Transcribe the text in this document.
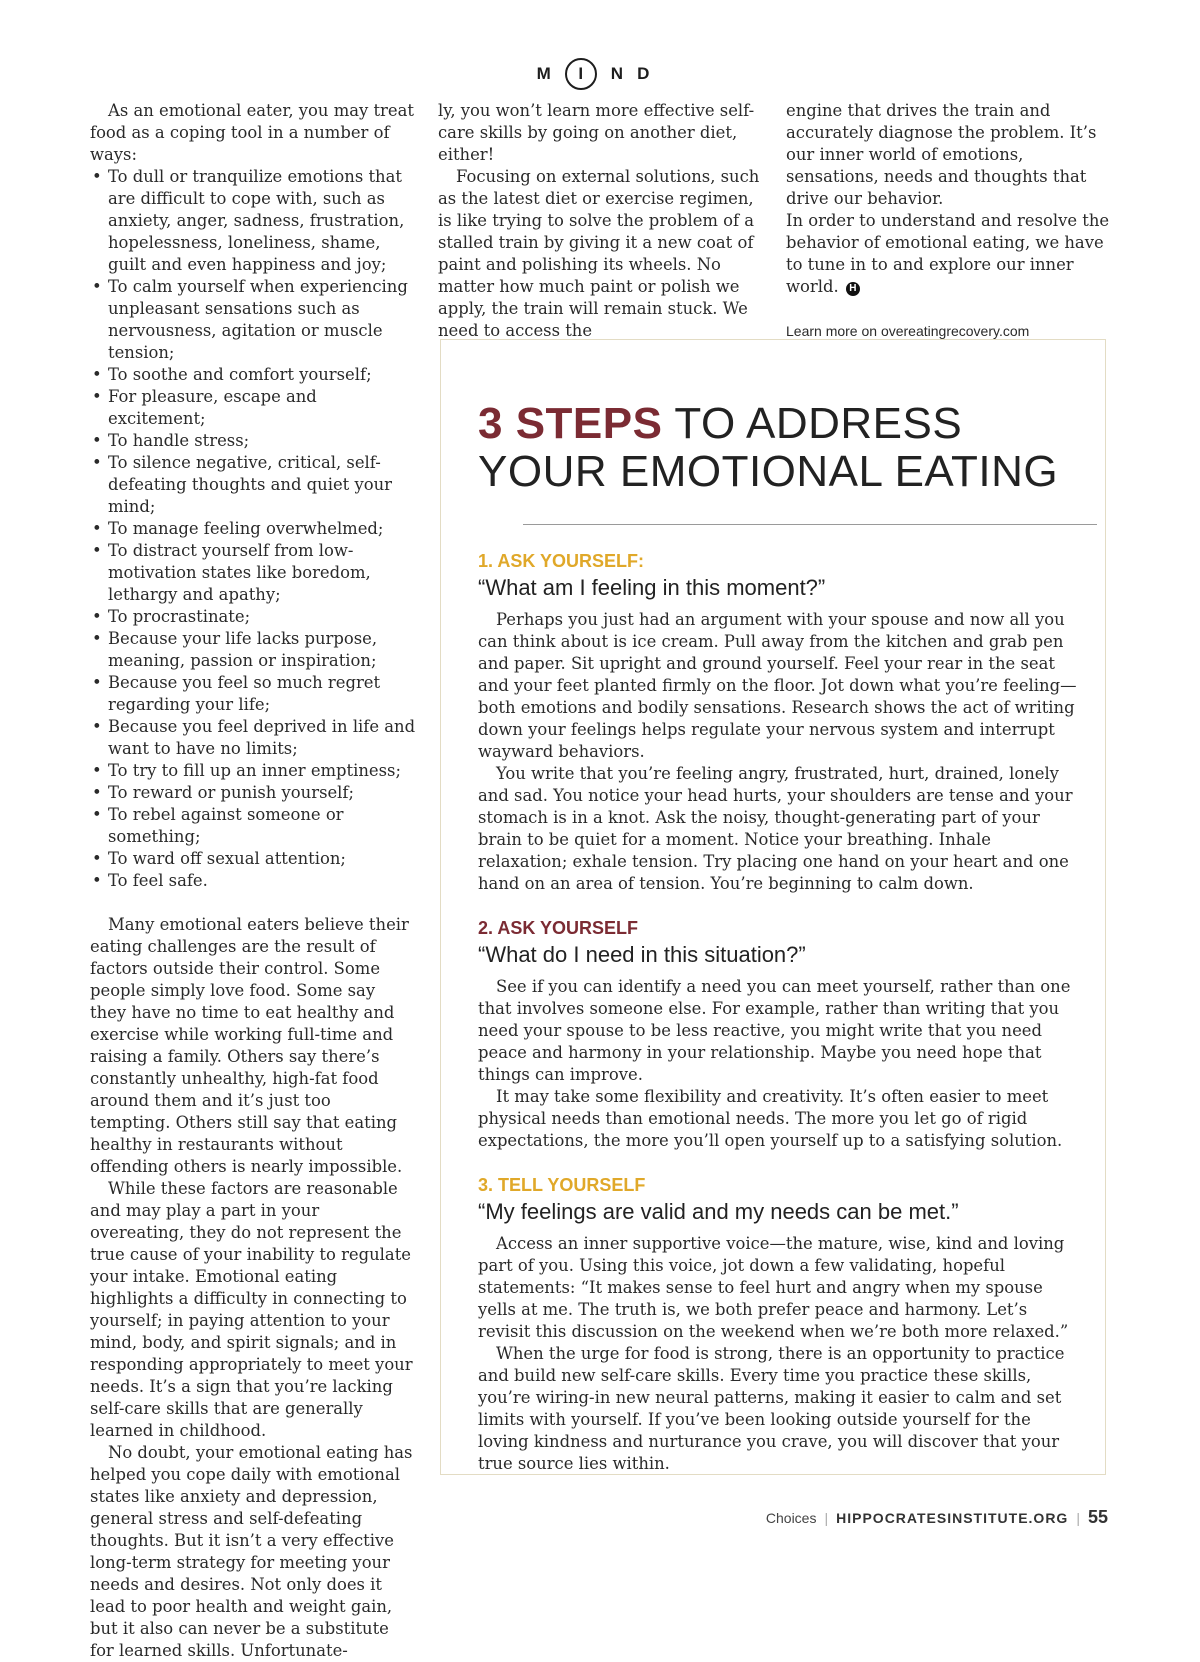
M I ND

As an emotional eater, you may treat food as a coping tool in a number of ways:

• To dull or tranquilize emotions that are difficult to cope with, such as anxiety, anger, sadness, frustration, hopelessness, loneliness, shame, guilt and even happiness and joy;
• To calm yourself when experiencing unpleasant sensations such as nervousness, agitation or muscle tension;
• To soothe and comfort yourself;
• For pleasure, escape and excitement;
• To handle stress;
• To silence negative, critical, self-defeating thoughts and quiet your mind;
• To manage feeling overwhelmed;
• To distract yourself from low-motivation states like boredom, lethargy and apathy;
• To procrastinate;
• Because your life lacks purpose, meaning, passion or inspiration;
• Because you feel so much regret regarding your life;
• Because you feel deprived in life and want to have no limits;
• To try to fill up an inner emptiness;
• To reward or punish yourself;
• To rebel against someone or something;
• To ward off sexual attention;
• To feel safe.

Many emotional eaters believe their eating challenges are the result of factors outside their control. Some people simply love food. Some say they have no time to eat healthy and exercise while working full-time and raising a family. Others say there’s constantly unhealthy, high-fat food around them and it’s just too tempting. Others still say that eating healthy in restaurants without offending others is nearly impossible.

While these factors are reasonable and may play a part in your overeating, they do not represent the true cause of your inability to regulate your intake. Emotional eating highlights a difficulty in connecting to yourself; in paying attention to your mind, body, and spirit signals; and in responding appropriately to meet your needs. It’s a sign that you’re lacking self-care skills that are generally learned in childhood.

No doubt, your emotional eating has helped you cope daily with emotional states like anxiety and depression, general stress and self-defeating thoughts. But it isn’t a very effective long-term strategy for meeting your needs and desires. Not only does it lead to poor health and weight gain, but it also can never be a substitute for learned skills. Unfortunate-

ly, you won’t learn more effective self-care skills by going on another diet, either!

Focusing on external solutions, such as the latest diet or exercise regimen, is like trying to solve the problem of a stalled train by giving it a new coat of paint and polishing its wheels. No matter how much paint or polish we apply, the train will remain stuck. We need to access the

engine that drives the train and accurately diagnose the problem. It’s our inner world of emotions, sensations, needs and thoughts that drive our behavior.

In order to understand and resolve the behavior of emotional eating, we have to tune in to and explore our inner world. H

Learn more on overeatingrecovery.com
3 STEPS TO ADDRESS
YOUR EMOTIONAL EATING
1. ASK YOURSELF:
“What am I feeling in this moment?”

Perhaps you just had an argument with your spouse and now all you can think about is ice cream. Pull away from the kitchen and grab pen and paper. Sit upright and ground yourself. Feel your rear in the seat and your feet planted firmly on the floor. Jot down what you’re feeling—both emotions and bodily sensations. Research shows the act of writing down your feelings helps regulate your nervous system and interrupt wayward behaviors.

You write that you’re feeling angry, frustrated, hurt, drained, lonely and sad. You notice your head hurts, your shoulders are tense and your stomach is in a knot. Ask the noisy, thought-generating part of your brain to be quiet for a moment. Notice your breathing. Inhale relaxation; exhale tension. Try placing one hand on your heart and one hand on an area of tension. You’re beginning to calm down.

2. ASK YOURSELF
“What do I need in this situation?”

See if you can identify a need you can meet yourself, rather than one that involves someone else. For example, rather than writing that you need your spouse to be less reactive, you might write that you need peace and harmony in your relationship. Maybe you need hope that things can improve.

It may take some flexibility and creativity. It’s often easier to meet physical needs than emotional needs. The more you let go of rigid expectations, the more you’ll open yourself up to a satisfying solution.

3. TELL YOURSELF
“My feelings are valid and my needs can be met.”

Access an inner supportive voice—the mature, wise, kind and loving part of you. Using this voice, jot down a few validating, hopeful statements: “It makes sense to feel hurt and angry when my spouse yells at me. The truth is, we both prefer peace and harmony. Let’s revisit this discussion on the weekend when we’re both more relaxed.”

When the urge for food is strong, there is an opportunity to practice and build new self-care skills. Every time you practice these skills, you’re wiring-in new neural patterns, making it easier to calm and set limits with yourself. If you’ve been looking outside yourself for the loving kindness and nurturance you crave, you will discover that your true source lies within.

Choices | HIPPOCRATESINSTITUTE.ORG | 55
